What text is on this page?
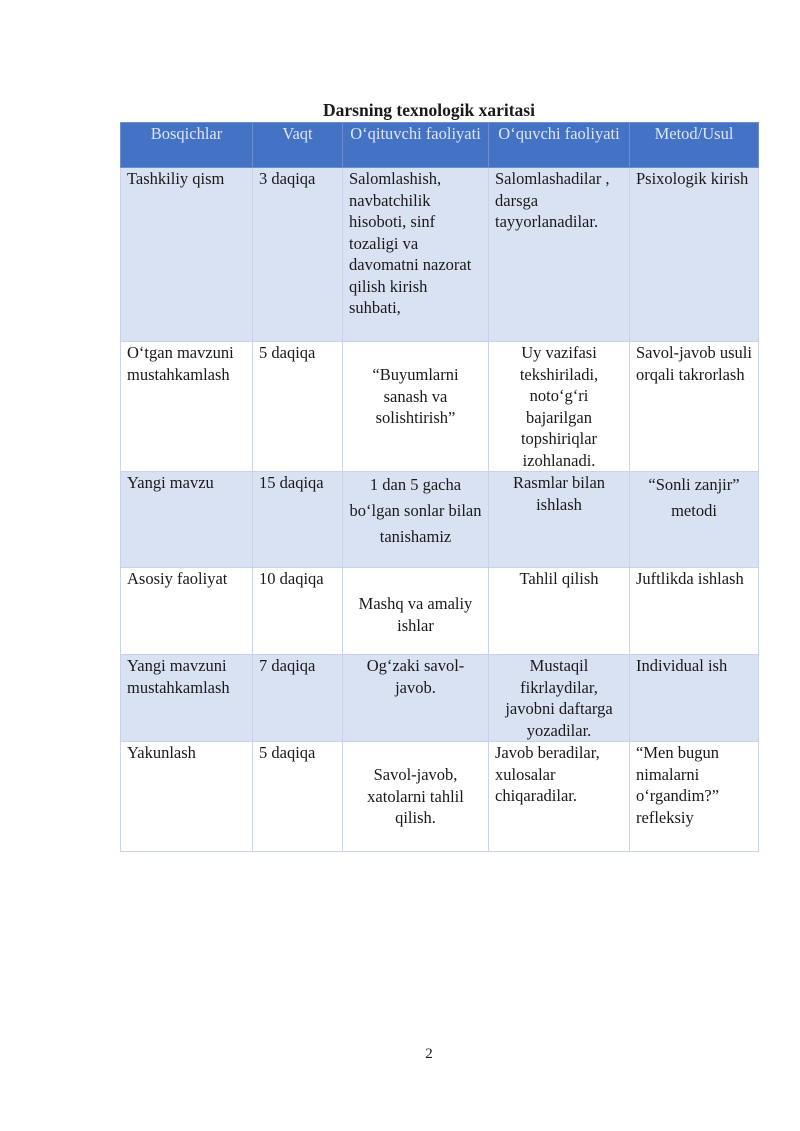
Darsning texnologik xaritasi
Bosqichlar	Vaqt	O‘qituvchi faoliyati	O‘quvchi faoliyati	Metod/Usul
Tashkiliy qism	3 daqiqa	Salomlashish, navbatchilik hisoboti, sinf tozaligi va davomatni nazorat qilish kirish suhbati,	Salomlashadilar , darsga tayyorlanadilar.	Psixologik kirish
O‘tgan mavzuni mustahkamlash	5 daqiqa	“Buyumlarni sanash va solishtirish”	Uy vazifasi tekshiriladi, noto‘g‘ri bajarilgan topshiriqlar izohlanadi.	Savol-javob usuli orqali takrorlash
Yangi mavzu	15 daqiqa	1 dan 5 gacha bo‘lgan sonlar bilan tanishamiz	Rasmlar bilan ishlash	“Sonli zanjir” metodi
Asosiy faoliyat	10 daqiqa	Mashq va amaliy ishlar	Tahlil qilish	Juftlikda ishlash
Yangi mavzuni mustahkamlash	7 daqiqa	Og‘zaki savol-javob.	Mustaqil fikrlaydilar, javobni daftarga yozadilar.	Individual ish
Yakunlash	5 daqiqa	Savol-javob, xatolarni tahlil qilish.	Javob beradilar, xulosalar chiqaradilar.	“Men bugun nimalarni o‘rgandim?” refleksiy
2
